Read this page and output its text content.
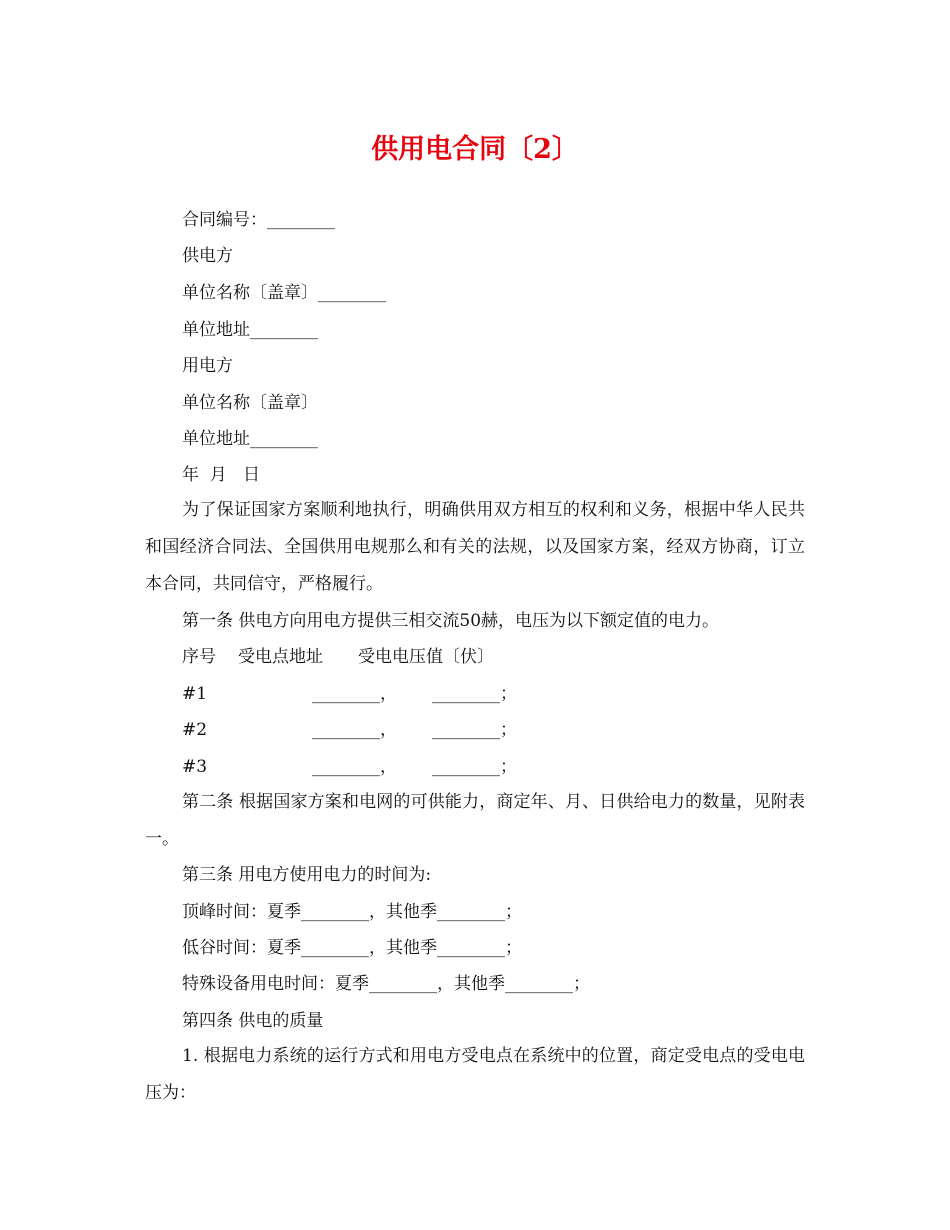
供用电合同〔2〕

合同编号：________

供电方

单位名称〔盖章〕________

单位地址________

用电方

单位名称〔盖章〕

单位地址________

年  月   日

为了保证国家方案顺利地执行，明确供用双方相互的权利和义务，根据中华人民共和国经济合同法、全国供用电规那么和有关的法规，以及国家方案，经双方协商，订立本合同，共同信守，严格履行。

第一条 供电方向用电方提供三相交流50赫，电压为以下额定值的电力。

序号 受电点地址 受电电压值〔伏〕
#1	________， ________；
#2	________， ________；
#3	________， ________；

第二条 根据国家方案和电网的可供能力，商定年、月、日供给电力的数量，见附表一。

第三条 用电方使用电力的时间为:

顶峰时间：夏季________，其他季________；

低谷时间：夏季________，其他季________；

特殊设备用电时间：夏季________，其他季________；

第四条 供电的质量

1. 根据电力系统的运行方式和用电方受电点在系统中的位置，商定受电点的受电电压为：
